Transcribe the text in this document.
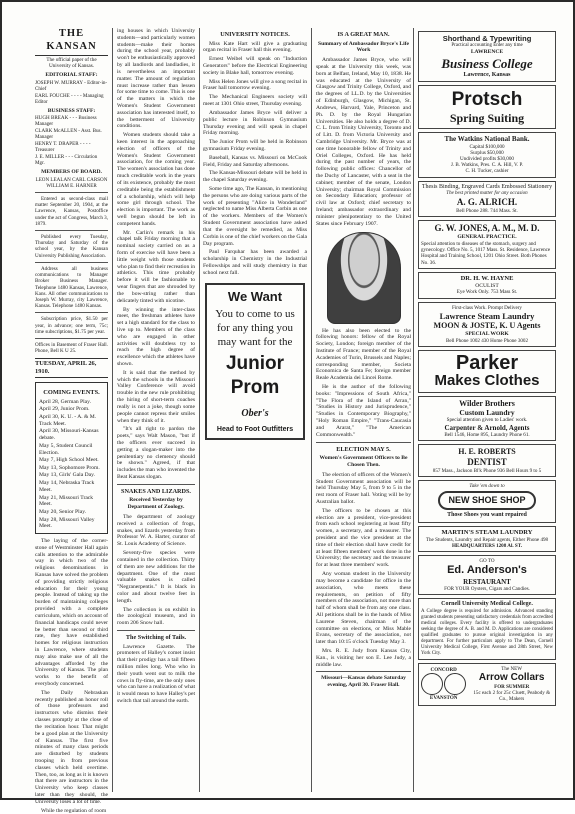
THE KANSAN
The official paper of the University of Kansas.
EDITORIAL STAFF:
JOSEPH W. MURRAY - Editor-in-Chief
EARL FOUCHE - - - - Managing Editor
BUSINESS STAFF:
HUGH BREAK - - - Business Manager
CLARK McALLEN - Asst. Bus. Manager
HENRY T. DRAPER - - - - Treasurer
J. E. MILLER - - - Circulation Mgr.
MEMBERS OF BOARD.
LEON LEALAN CARL CARSON WILLIAM E. HARNER

Entered as second-class mail matter September 20, 1904, at the Lawrence, Kansas, Postoffice under the act of Congress, March 3, 1879.

Published every Tuesday, Thursday and Saturday of the school year, by the Kansan University Publishing Association.

Address all business communications to Manager Broker Business Manager. Telephone 1480 Kansas, Lawrence, Kans. All other communications to Joseph W. Murray, city Lawrence, Kansas. Telephone 1480 Kansas.

Subscription price, $1.50 per year, in advance; one term, 75c; time subscriptions, $1.75 per year.

Offices in Basement of Fraser Hall. Phone, Bell K U 25.

TUESDAY, APRIL 26, 1910.
COMING EVENTS.
April 28, German Play.
April 29, Junior Prom.
April 30, K. U. - A. & M. Track Meet.
April 30, Missouri-Kansas debate.
May 5, Student Council Election.
May 7, High School Meet.
May 13, Sophomore Prom.
May 13, Girls' Gala Day.
May 14, Nebraska Track Meet.
May 21, Missouri Track Meet.
May 20, Senior Play.
May 28, Missouri Valley Meet.

The laying of the corner-stone of Westminster Hall again calls attention to the admirable way in which two of the religious denominations in Kansas have solved the problem of providing strictly religious education for their young people. Instead of taking up the burden of maintaining colleges provided with a complete curriculum, which on account of financial handicaps could never be better than second or third rate, they have established homes for religious instruction in Lawrence, where students may also make use of all the advantages afforded by the University of Kansas. The plan works to the benefit of everybody concerned.

The Daily Nebraskan recently published an honor roll of those professors and instructors who dismiss their classes promptly at the close of the recitation hour. That might be a good plan at the University of Kansas. The first five minutes of many class periods are disturbed by students trooping in from previous classes which held overtime. Then, too, as long as it is known that there are instructors in the University who keep classes later than they should, the University loses a lot of time.

While the regulation of room

ing houses in which University students—and particularly women students—make their homes during the school year, probably won't be enthusiastically approved by all landlords and landladies, it is nevertheless an important matter. The amount of regulation must increase rather than lessen for some time to come. This is one of the matters in which the Women's Student Government association has interested itself, to the betterment of University conditions.

Women students should take a keen interest in the approaching election of officers of the Women's Student Government association, for the coming year. The women's association has done much creditable work in the years of its existence, probably the most creditable being the establishment of a scholarship, which will help some girl through school. The election is important. The work as well begun should be left in competent hands.

Mr. Carlin's remark in his chapel talk Friday morning that a nominal society carried on as a form of exercise will have been a little weight with those students who plan to find their recreation in athletics. This time probably before it will be fashionable to wear fingers that are shrouded by the bow-string rather than delicately tinted with nicotine.

By winning the inter-class meet, the freshman athletes have set a high standard for the class to live up to. Members of the class who are engaged in other activities will doubtless try to reach the high degree of excellence which the athletes have shown.

It is said that the method by which the schools in the Missouri Valley Conference will avoid trouble in the new rule prohibiting the hiring of short-term coaches really is not a joke, though some people cannot repress their smiles when they think of it.

"It's all right to pardon the poets," says Walt Mason, "but if the officers ever succeed in getting a slogan-maker into the penitentiary no clemency should be shown." Agreed, if that includes the man who invented the Beat Kansas slogan.

SNAKES AND LIZARDS.
Received Yesterday by Department of Zoology.

The department of zoology received a collection of frogs, snakes, and lizards yesterday from Professor W. A. Harter, curator of St. Louis Academy of Science.

Seventy-five species were contained in the collection. Thirty of them are new additions for the department. One of the most valuable snakes is called "Negranerpentis." It is black in color and about twelve feet in length.

The collection is on exhibit in the zoological museum, and in room 206 Snow hall.

The Switching of Tails.

Lawrence Gazette. The promoters of Halley's comet insist that their prodigy has a tail fifteen million miles long. Who who in their youth went out to milk the cows in fly-time, are the only ones who can have a realization of what it would mean to have Halley's pet switch that tail around the earth.

UNIVERSITY NOTICES.

Miss Kate Hart will give a graduating organ recital in Fraser hall this evening.

Ernest Weibel will speak on "Induction Generators" before the Electrical Engineering society in Blake hall, tomorrow evening.

Miss Helen Jones will give a song recital in Fraser hall tomorrow evening.

The Mechanical Engineers society will meet at 1301 Ohio street, Thursday evening.

Ambassador James Bryce will deliver a public lecture in Robinson Gymnasium Thursday evening and will speak in chapel Friday morning.

The Junior Prom will be held in Robinson gymnasium Friday evening.

Baseball, Kansas vs. Missouri on McCook Field, Friday and Saturday afternoons.

The Kansas-Missouri debate will be held in the chapel Saturday evening.

Some time ago, The Kansan, in mentioning the persons who are doing various parts of the work of presenting "Alice in Wonderland" neglected to name Miss Alberta Corbin as one of the workers. Members of the Women's Student Government association have asked that the oversight be remedied, as Miss Corbin is one of the chief workers on the Gala Day program.

Paul Farquhar has been awarded a scholarship in Chemistry in the Industrial Fellowships and will study chemistry in that school next fall.

We Want
You to come to us for any thing you may want for the
Junior
Prom
Ober's
Head to Foot Outfitters
IS A GREAT MAN.
Summary of Ambassador Bryce's Life Work

Ambassador James Bryce, who will speak at the University this week, was born at Belfast, Ireland, May 10, 1838. He was educated at the University of Glasgow and Trinity College, Oxford, and the degrees of LL.D. by the Universities of Edinburgh, Glasgow, Michigan, St. Andrews, Harvard, Yale, Princeton and Ph. D. by the Royal Hungarian Universities. He also holds a degree of D. C. L. from Trinity University, Toronto and of Litt. D. from Victoria University and Cambridge University. Mr. Bryce was at one time honorable fellow of Trinity and Oriel Colleges, Oxford. He has held during the past number of years, the following public offices: Chancellor of the Duchy of Lancaster, with a seat in the cabinet; member of the senate, London University; chairman Royal Commission on Secondary Education; professor of civil law at Oxford; chief secretary to Ireland; ambassador extraordinary and minister plenipotentiary to the United States since February 1907.

He has also been elected to the following honors: fellow of the Royal Society, London; foreign member of the Institute of France; member of the Royal Academies of Turin, Brussels and Naples; corresponding member, Societa Economica de Santa Fe; foreign member Reale Academia dei Lincei Rome.

He is the author of the following books: "Impressions of South Africa," "The Flora of the Island of Arran," "Studies in History and Jurisprudence," "Studies in Contemporary Biography," "Holy Roman Empire," "Trans-Caucasia and Ararat," "The American Commonwealth."

ELECTION MAY 5.
Women's Government Officers to Be Chosen Then.

The election of officers of the Women's Student Government association will be held Thursday May 5, from 9 to 5 in the rest room of Fraser hall. Voting will be by Australian ballot.

The officers to be chosen at this election are a president, vice-president from each school registering at least fifty women, a secretary, and a treasurer. The president and the vice president at the time of their election shall have credit for at least fifteen members' work done in the University; the secretary and the treasurer for at least three members' work.

Any woman student in the University may become a candidate for office in the association, who meets these requirements, on petition of fifty members of the association, not more than half of whom shall be from any one class. All petitions shall be in the hands of Miss Laurene Steven, chairman of the committee on elections, or Miss Mable Evans, secretary of the association, not later than 10:15 o'clock Tuesday May 3.

Mrs. R. E. Judy from Kansas City, Kan., is visiting her son E. Lee Judy, a middle law.

Missouri—Kansas debate Saturday evening, April 30. Fraser Hall.
Shorthand & Typewriting
Practical accounting Enter any time
LAWRENCE
Business College
Lawrence, Kansas
Protsch
Spring Suiting
The Watkins National Bank.
Capital $100,000
Surplus $50,000
Undivided profits $30,000
J. B. Watkins, Pres. C. A. Hill, V. P.
C. H. Tucker, cashier
Thesis Binding, Engraved Cards Embossed Stationery
The best printed matter for any occasion
A. G. ALRICH.
Bell Phone 288. 744 Mass. St.
G. W. JONES, A. M., M. D.
GENERAL PRACTICE.
Special attention to diseases of the stomach, surgery and gynecology. Office No. 5, 1017 Mass. St. Residence, Lawrence Hospital and Training School, 1201 Ohio Street. Both Phones No. 36.
DR. H. W. HAYNE
OCULIST
Eye Work Only. 753 Mass St.
First-class Work. Prompt Delivery
Lawrence Steam Laundry
MOON & JOSTE, K. U Agents
SPECIAL WORK
Bell Phone 1002 430 Home Phone 3002
Parker
Makes Clothes
Wilder Brothers
Custom Laundry
Special attention given to Ladies' work.
Carpenter & Arnold, Agents
Bell 1546, Home 895, Laundry Phone 61.
H. E. ROBERTS
DENTIST
857 Mass., Jackson Bl'k Phone 936 Bell Hours 9 to 5
Take 'em down to
NEW SHOE SHOP
Those Shoes you want repaired
MARTIN'S STEAM LAUNDRY
The Students, Laundry and Repair agents, Either Phone 498
HEADQUARTERS 1208 Al. ST.
GO TO
Ed. Anderson's
RESTAURANT
FOR YOUR Oysters, Cigars and Candies.
Cornell University Medical College.
A College degree is required for admission. Advanced standing granted students presenting satisfactory credentials from accredited medical colleges. Every facility is offered to undergraduates seeking the degree of A. B. and M. D. Applications are considered qualified graduates to pursue original investigation in any department. For further particulars apply to The Dean, Cornell University Medical College, First Avenue and 28th Street, New York City.
CONCORD

EVANSTON
The NEW
Arrow Collars
FOR SUMMER
15c each 2 for 25c Cluett, Peabody & Co., Makers
